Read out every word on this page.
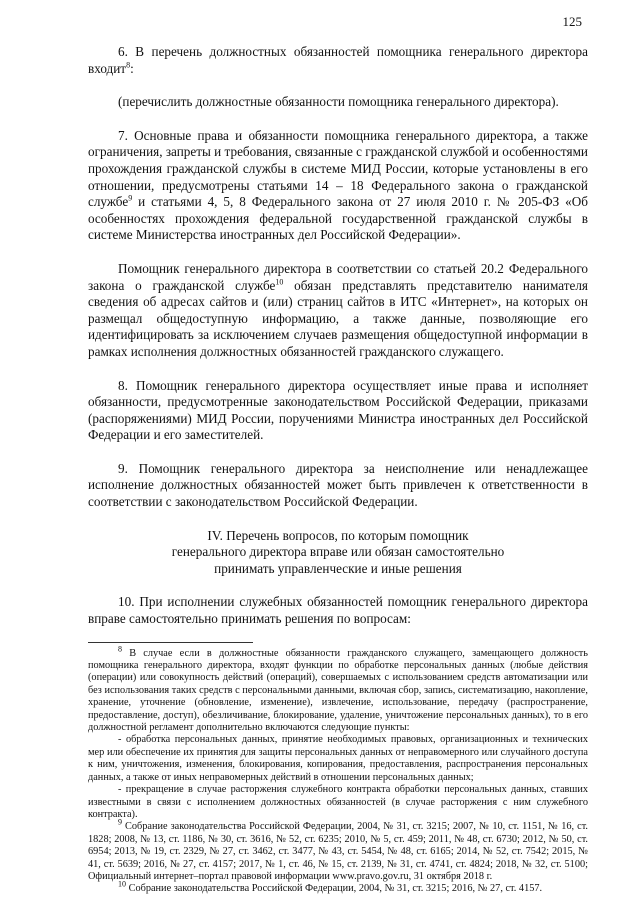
125

6. В перечень должностных обязанностей помощника генерального директора входит$^8$:

(перечислить должностные обязанности помощника генерального директора).

7. Основные права и обязанности помощника генерального директора, а также ограничения, запреты и требования, связанные с гражданской службой и особенностями прохождения гражданской службы в системе МИД России, которые установлены в его отношении, предусмотрены статьями 14 – 18 Федерального закона о гражданской службе$^9$ и статьями 4, 5, 8 Федерального закона от 27 июля 2010 г. № 205-ФЗ «Об особенностях прохождения федеральной государственной гражданской службы в системе Министерства иностранных дел Российской Федерации».

Помощник генерального директора в соответствии со статьей 20.2 Федерального закона о гражданской службе$^{10}$ обязан представлять представителю нанимателя сведения об адресах сайтов и (или) страниц сайтов в ИТС «Интернет», на которых он размещал общедоступную информацию, а также данные, позволяющие его идентифицировать за исключением случаев размещения общедоступной информации в рамках исполнения должностных обязанностей гражданского служащего.

8. Помощник генерального директора осуществляет иные права и исполняет обязанности, предусмотренные законодательством Российской Федерации, приказами (распоряжениями) МИД России, поручениями Министра иностранных дел Российской Федерации и его заместителей.

9. Помощник генерального директора за неисполнение или ненадлежащее исполнение должностных обязанностей может быть привлечен к ответственности в соответствии с законодательством Российской Федерации.

IV. Перечень вопросов, по которым помощник

генерального директора вправе или обязан самостоятельно

принимать управленческие и иные решения

10. При исполнении служебных обязанностей помощник генерального директора вправе самостоятельно принимать решения по вопросам:

$^8$ В случае если в должностные обязанности гражданского служащего, замещающего должность помощника генерального директора, входят функции по обработке персональных данных (любые действия (операции) или совокупность действий (операций), совершаемых с использованием средств автоматизации или без использования таких средств с персональными данными, включая сбор, запись, систематизацию, накопление, хранение, уточнение (обновление, изменение), извлечение, использование, передачу (распространение, предоставление, доступ), обезличивание, блокирование, удаление, уничтожение персональных данных), то в его должностной регламент дополнительно включаются следующие пункты:

- обработка персональных данных, принятие необходимых правовых, организационных и технических мер или обеспечение их принятия для защиты персональных данных от неправомерного или случайного доступа к ним, уничтожения, изменения, блокирования, копирования, предоставления, распространения персональных данных, а также от иных неправомерных действий в отношении персональных данных;

- прекращение в случае расторжения служебного контракта обработки персональных данных, ставших известными в связи с исполнением должностных обязанностей (в случае расторжения с ним служебного контракта).

$^9$ Собрание законодательства Российской Федерации, 2004, № 31, ст. 3215; 2007, № 10, ст. 1151, № 16, ст. 1828; 2008, № 13, ст. 1186, № 30, ст. 3616, № 52, ст. 6235; 2010, № 5, ст. 459; 2011, № 48, ст. 6730; 2012, № 50, ст. 6954; 2013, № 19, ст. 2329, № 27, ст. 3462, ст. 3477, № 43, ст. 5454, № 48, ст. 6165; 2014, № 52, ст. 7542; 2015, № 41, ст. 5639; 2016, № 27, ст. 4157; 2017, № 1, ст. 46, № 15, ст. 2139, № 31, ст. 4741, ст. 4824; 2018, № 32, ст. 5100; Официальный интернет–портал правовой информации www.pravo.gov.ru, 31 октября 2018 г.

$^{10}$ Собрание законодательства Российской Федерации, 2004, № 31, ст. 3215; 2016, № 27, ст. 4157.
